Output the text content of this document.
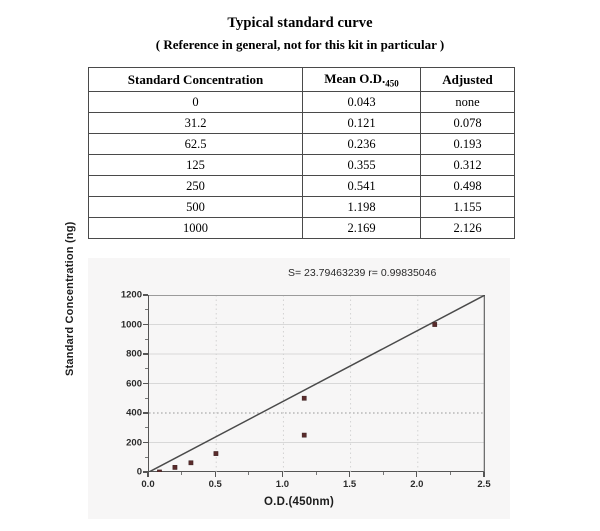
Typical standard curve
( Reference in general, not for this kit in particular )
Standard Concentration	Mean $O.D._{450}$	Adjusted
0	0.043	none
31.2	0.121	0.078
62.5	0.236	0.193
125	0.355	0.312
250	0.541	0.498
500	1.198	1.155
1000	2.169	2.126
S= 23.79463239 r= 0.99835046
Standard Concentration (ng)
O.D.(450nm)
0
200
400
600
800
1000
1200
0.0	0.5	1.0	1.5	2.0	2.5
